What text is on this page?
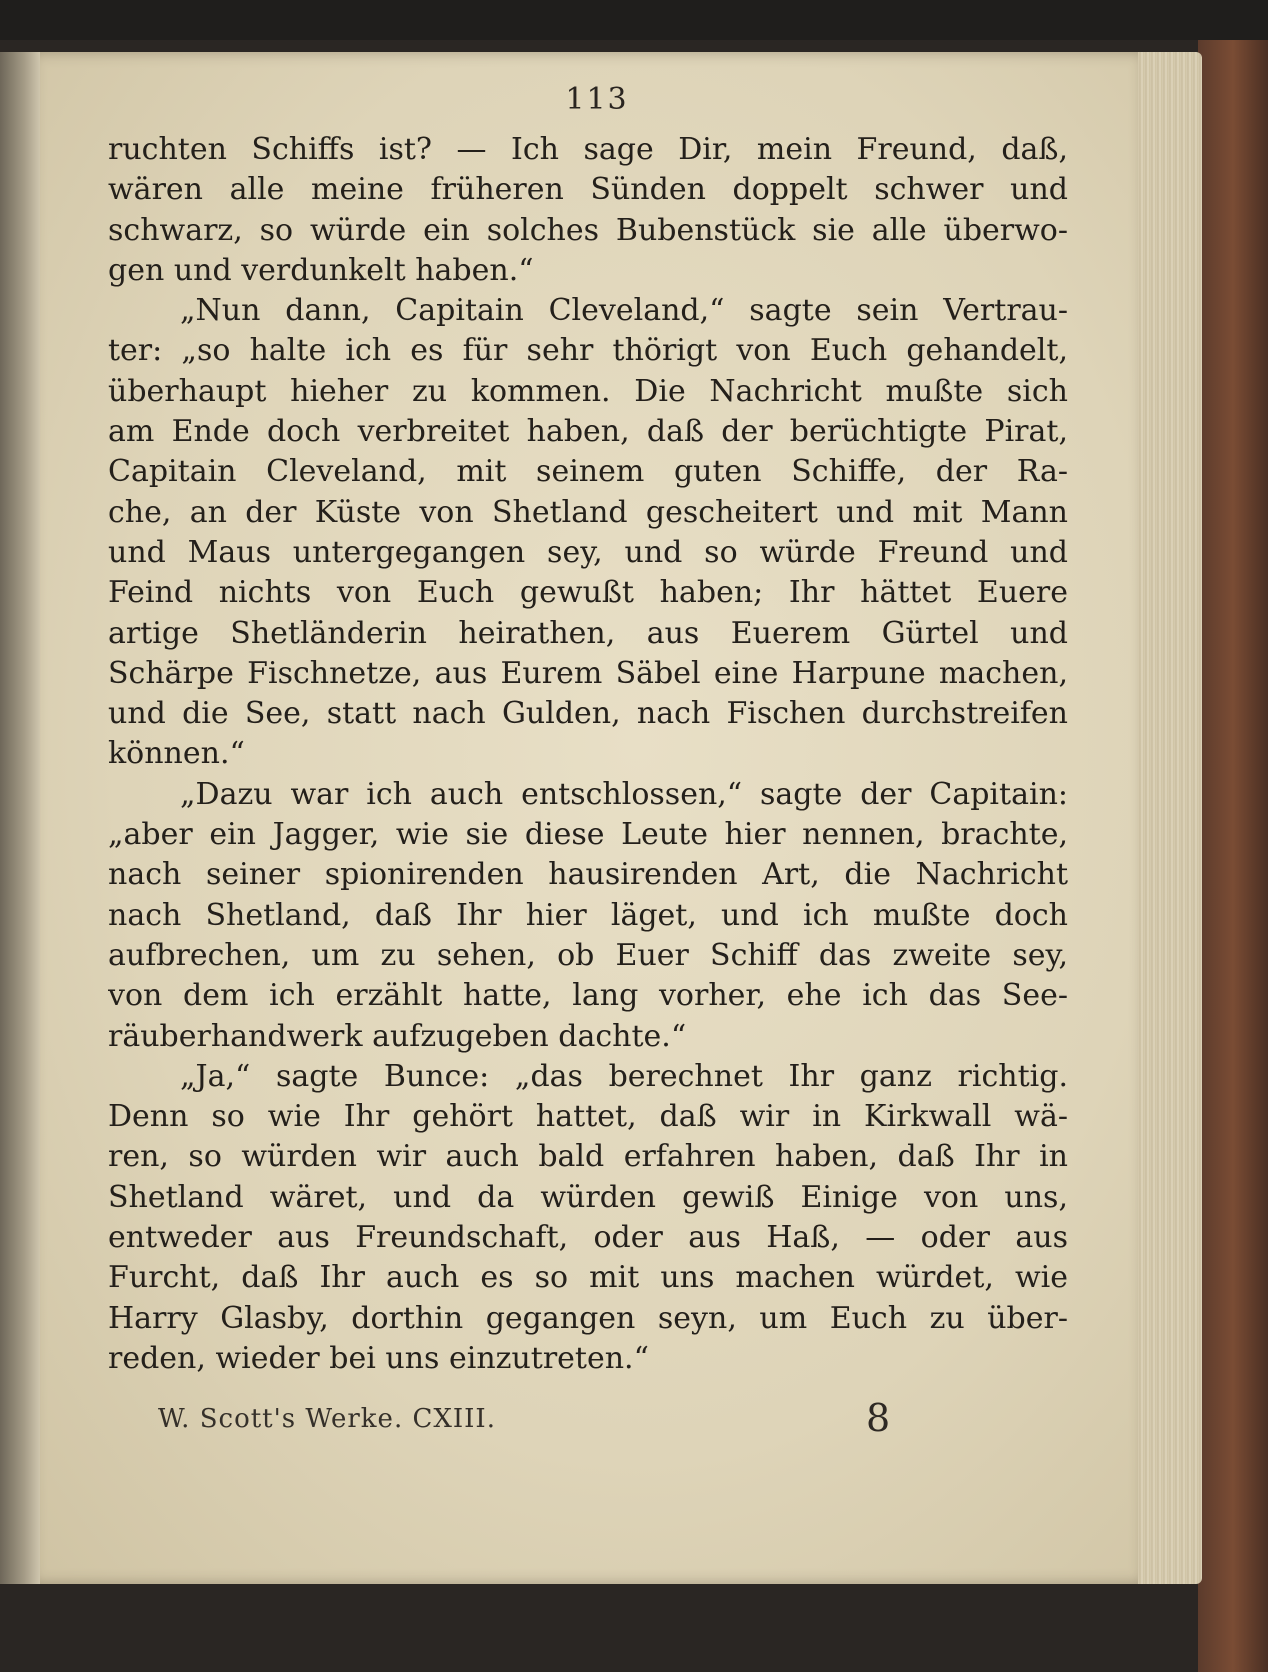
113
ruchten Schiffs ist? — Ich sage Dir, mein Freund, daß,
wären alle meine früheren Sünden doppelt schwer und
schwarz, so würde ein solches Bubenstück sie alle überwo-
gen und verdunkelt haben.“
„Nun dann, Capitain Cleveland,“ sagte sein Vertrau-
ter: „so halte ich es für sehr thörigt von Euch gehandelt,
überhaupt hieher zu kommen. Die Nachricht mußte sich
am Ende doch verbreitet haben, daß der berüchtigte Pirat,
Capitain Cleveland, mit seinem guten Schiffe, der Ra-
che, an der Küste von Shetland gescheitert und mit Mann
und Maus untergegangen sey, und so würde Freund und
Feind nichts von Euch gewußt haben; Ihr hättet Euere
artige Shetländerin heirathen, aus Euerem Gürtel und
Schärpe Fischnetze, aus Eurem Säbel eine Harpune machen,
und die See, statt nach Gulden, nach Fischen durchstreifen
können.“
„Dazu war ich auch entschlossen,“ sagte der Capitain:
„aber ein Jagger, wie sie diese Leute hier nennen, brachte,
nach seiner spionirenden hausirenden Art, die Nachricht
nach Shetland, daß Ihr hier läget, und ich mußte doch
aufbrechen, um zu sehen, ob Euer Schiff das zweite sey,
von dem ich erzählt hatte, lang vorher, ehe ich das See-
räuberhandwerk aufzugeben dachte.“
„Ja,“ sagte Bunce: „das berechnet Ihr ganz richtig.
Denn so wie Ihr gehört hattet, daß wir in Kirkwall wä-
ren, so würden wir auch bald erfahren haben, daß Ihr in
Shetland wäret, und da würden gewiß Einige von uns,
entweder aus Freundschaft, oder aus Haß, — oder aus
Furcht, daß Ihr auch es so mit uns machen würdet, wie
Harry Glasby, dorthin gegangen seyn, um Euch zu über-
reden, wieder bei uns einzutreten.“
W. Scott's Werke. CXIII.	8
